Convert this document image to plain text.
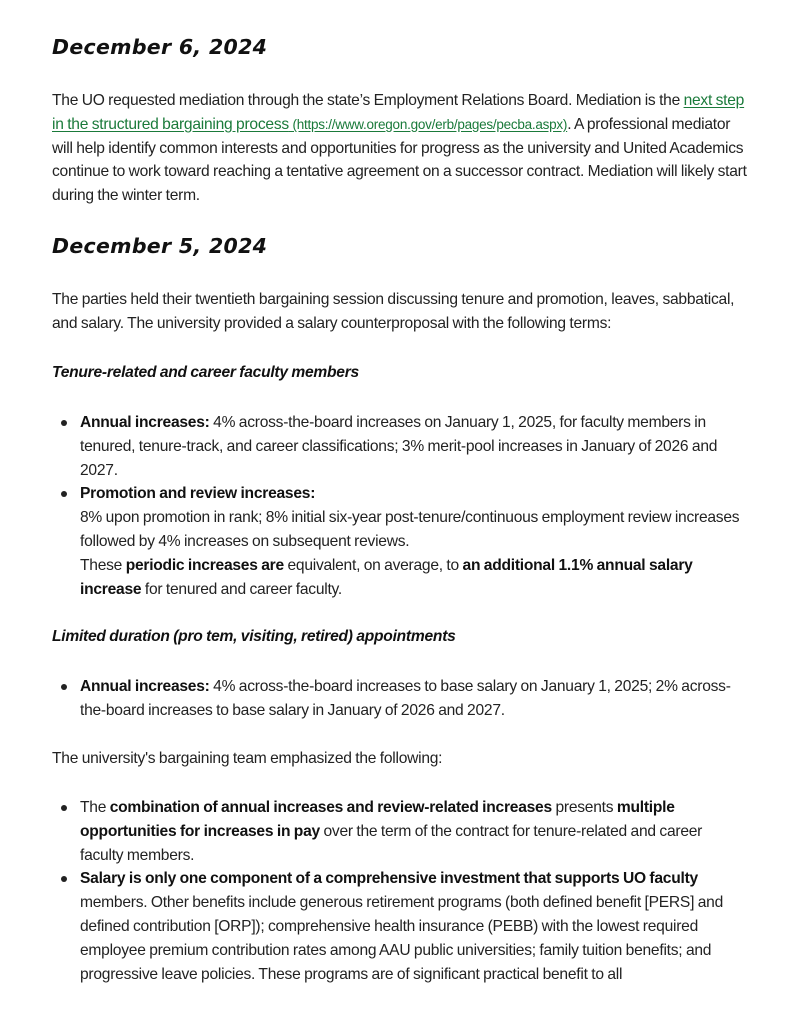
December 6, 2024

The UO requested mediation through the state’s Employment Relations Board. Mediation is the next step in the structured bargaining process (https://www.oregon.gov/erb/pages/pecba.aspx). A professional mediator will help identify common interests and opportunities for progress as the university and United Academics continue to work toward reaching a tentative agreement on a successor contract. Mediation will likely start during the winter term.

December 5, 2024

The parties held their twentieth bargaining session discussing tenure and promotion, leaves, sabbatical, and salary. The university provided a salary counterproposal with the following terms:

Tenure-related and career faculty members
Annual increases: 4% across-the-board increases on January 1, 2025, for faculty members in tenured, tenure-track, and career classifications; 3% merit-pool increases in January of 2026 and 2027.
Promotion and review increases:
8% upon promotion in rank; 8% initial six-year post-tenure/continuous employment review increases followed by 4% increases on subsequent reviews.
These periodic increases are equivalent, on average, to an additional 1.1% annual salary increase for tenured and career faculty.
Limited duration (pro tem, visiting, retired) appointments
Annual increases: 4% across-the-board increases to base salary on January 1, 2025; 2% across-the-board increases to base salary in January of 2026 and 2027.

The university's bargaining team emphasized the following:

The combination of annual increases and review-related increases presents multiple opportunities for increases in pay over the term of the contract for tenure-related and career faculty members.
Salary is only one component of a comprehensive investment that supports UO faculty members. Other benefits include generous retirement programs (both defined benefit [PERS] and defined contribution [ORP]); comprehensive health insurance (PEBB) with the lowest required employee premium contribution rates among AAU public universities; family tuition benefits; and progressive leave policies. These programs are of significant practical benefit to all
